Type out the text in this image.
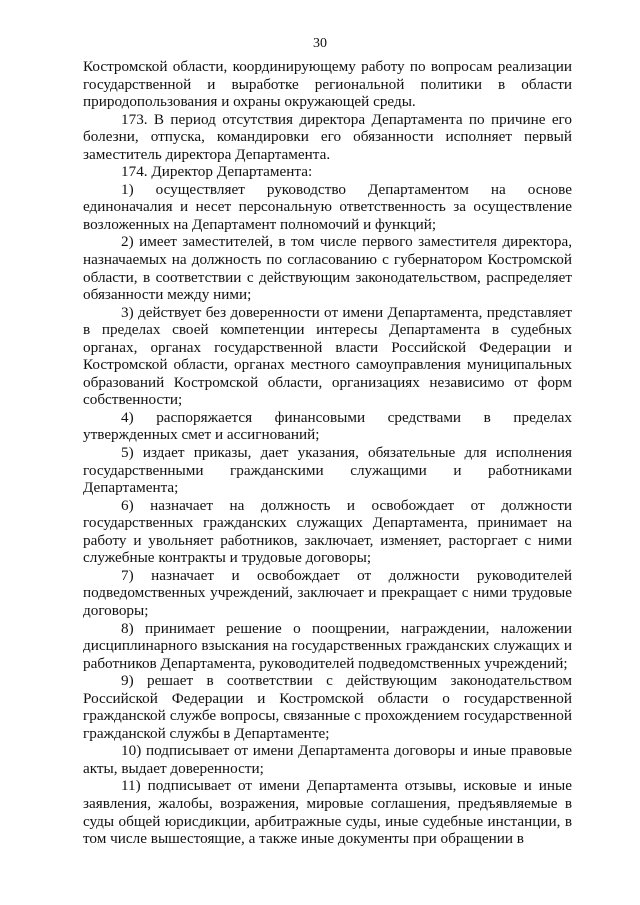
30

Костромской области, координирующему работу по вопросам реализации государственной и выработке региональной политики в области природопользования и охраны окружающей среды.

173. В период отсутствия директора Департамента по причине его болезни, отпуска, командировки его обязанности исполняет первый заместитель директора Департамента.

174. Директор Департамента:

1) осуществляет руководство Департаментом на основе единоначалия и несет персональную ответственность за осуществление возложенных на Департамент полномочий и функций;

2) имеет заместителей, в том числе первого заместителя директора, назначаемых на должность по согласованию с губернатором Костромской области, в соответствии с действующим законодательством, распределяет обязанности между ними;

3) действует без доверенности от имени Департамента, представляет в пределах своей компетенции интересы Департамента в судебных органах, органах государственной власти Российской Федерации и Костромской области, органах местного самоуправления муниципальных образований Костромской области, организациях независимо от форм собственности;

4) распоряжается финансовыми средствами в пределах утвержденных смет и ассигнований;

5) издает приказы, дает указания, обязательные для исполнения государственными гражданскими служащими и работниками Департамента;

6) назначает на должность и освобождает от должности государственных гражданских служащих Департамента, принимает на работу и увольняет работников, заключает, изменяет, расторгает с ними служебные контракты и трудовые договоры;

7) назначает и освобождает от должности руководителей подведомственных учреждений, заключает и прекращает с ними трудовые договоры;

8) принимает решение о поощрении, награждении, наложении дисциплинарного взыскания на государственных гражданских служащих и работников Департамента, руководителей подведомственных учреждений;

9) решает в соответствии с действующим законодательством Российской Федерации и Костромской области о государственной гражданской службе вопросы, связанные с прохождением государственной гражданской службы в Департаменте;

10) подписывает от имени Департамента договоры и иные правовые акты, выдает доверенности;

11) подписывает от имени Департамента отзывы, исковые и иные заявления, жалобы, возражения, мировые соглашения, предъявляемые в суды общей юрисдикции, арбитражные суды, иные судебные инстанции, в том числе вышестоящие, а также иные документы при обращении в
